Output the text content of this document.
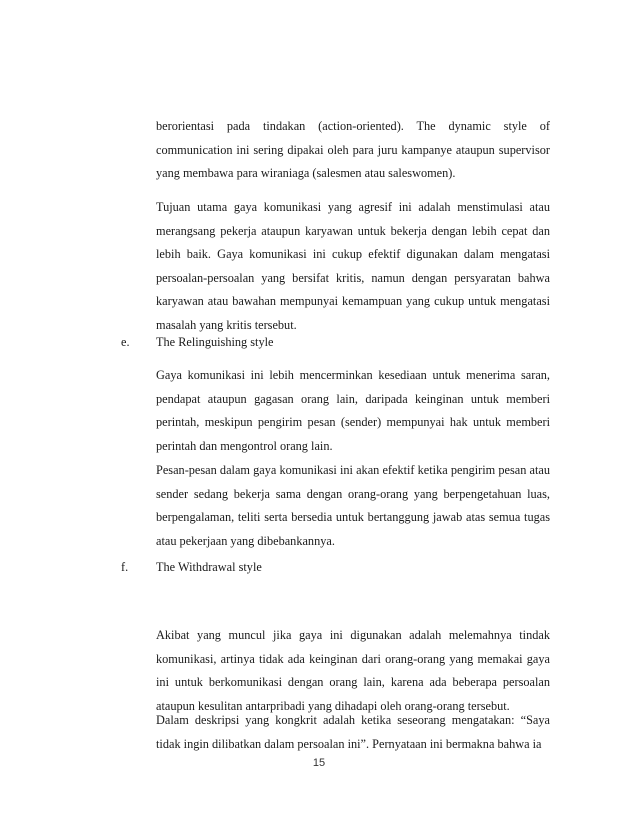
berorientasi pada tindakan (action-oriented). The dynamic style of communication ini sering dipakai oleh para juru kampanye ataupun supervisor yang membawa para wiraniaga (salesmen atau saleswomen).

Tujuan utama gaya komunikasi yang agresif ini adalah menstimulasi atau merangsang pekerja ataupun karyawan untuk bekerja dengan lebih cepat dan lebih baik. Gaya komunikasi ini cukup efektif digunakan dalam mengatasi persoalan-persoalan yang bersifat kritis, namun dengan persyaratan bahwa karyawan atau bawahan mempunyai kemampuan yang cukup untuk mengatasi masalah yang kritis tersebut.

e. The Relinguishing style

Gaya komunikasi ini lebih mencerminkan kesediaan untuk menerima saran, pendapat ataupun gagasan orang lain, daripada keinginan untuk memberi perintah, meskipun pengirim pesan (sender) mempunyai hak untuk memberi perintah dan mengontrol orang lain.

Pesan-pesan dalam gaya komunikasi ini akan efektif ketika pengirim pesan atau sender sedang bekerja sama dengan orang-orang yang berpengetahuan luas, berpengalaman, teliti serta bersedia untuk bertanggung jawab atas semua tugas atau pekerjaan yang dibebankannya.

f. The Withdrawal style

Akibat yang muncul jika gaya ini digunakan adalah melemahnya tindak komunikasi, artinya tidak ada keinginan dari orang-orang yang memakai gaya ini untuk berkomunikasi dengan orang lain, karena ada beberapa persoalan ataupun kesulitan antarpribadi yang dihadapi oleh orang-orang tersebut.

Dalam deskripsi yang kongkrit adalah ketika seseorang mengatakan: “Saya tidak ingin dilibatkan dalam persoalan ini”. Pernyataan ini bermakna bahwa ia

15
